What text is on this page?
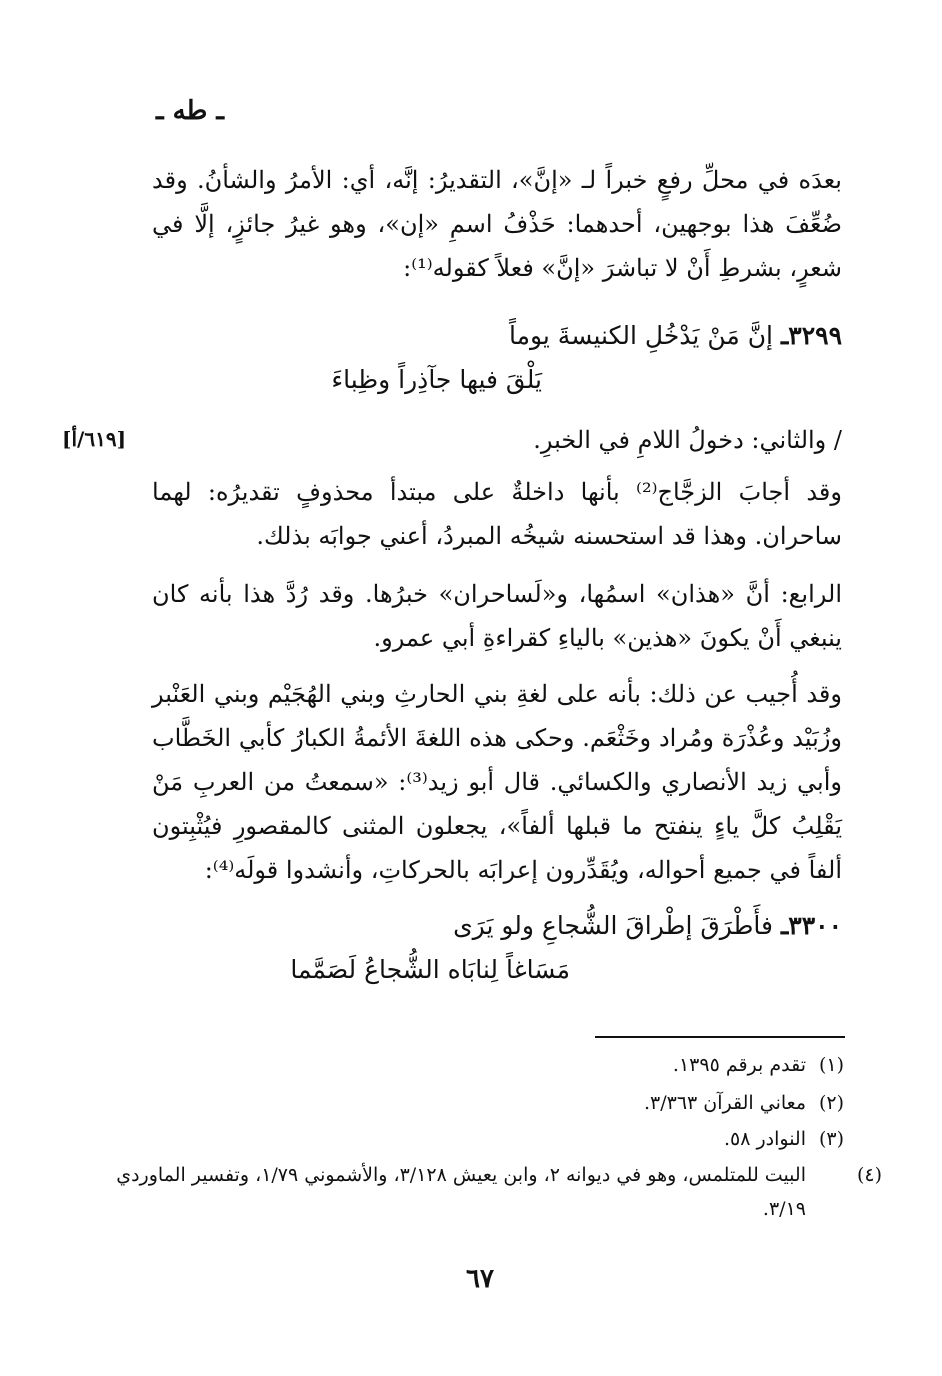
ـ طه ـ

بعدَه في محلِّ رفعٍ خبراً لـ «إنَّ»، التقديرُ: إنَّه، أي: الأمرُ والشأنُ. وقد ضُعِّفَ هذا بوجهين، أحدهما: حَذْفُ اسمِ «إن»، وهو غيرُ جائزٍ، إلَّا في شعرٍ، بشرطِ أَنْ لا تباشرَ «إنَّ» فعلاً كقوله⁽¹⁾:

٣٢٩٩ـ إنَّ مَنْ يَدْخُلِ الكنيسةَ يوماً
يَلْقَ فيها جآذِراً وظِباءَ

/ والثاني: دخولُ اللامِ في الخبرِ.

[٦١٩/أ]

وقد أجابَ الزجَّاج⁽²⁾ بأنها داخلةٌ على مبتدأ محذوفٍ تقديرُه: لهما ساحران. وهذا قد استحسنه شيخُه المبردُ، أعني جوابَه بذلك.

الرابع: أنَّ «هذان» اسمُها، و«لَساحران» خبرُها. وقد رُدَّ هذا بأنه كان ينبغي أَنْ يكونَ «هذين» بالياءِ كقراءةِ أبي عمرو.

وقد أُجيب عن ذلك: بأنه على لغةِ بني الحارثِ وبني الهُجَيْم وبني العَنْبر وزُبَيْد وعُذْرَة ومُراد وخَثْعَم. وحكى هذه اللغةَ الأئمةُ الكبارُ كأبي الخَطَّاب وأبي زيد الأنصاري والكسائي. قال أبو زيد⁽³⁾: «سمعتُ من العربِ مَنْ يَقْلِبُ كلَّ ياءٍ ينفتح ما قبلها ألفاً»، يجعلون المثنى كالمقصورِ فيُثْبِتون ألفاً في جميع أحواله، ويُقَدِّرون إعرابَه بالحركاتِ، وأنشدوا قولَه⁽⁴⁾:

٣٣٠٠ـ فأَطْرَقَ إطْراقَ الشُّجاعِ ولو يَرَى
مَسَاغاً لِنابَاه الشُّجاعُ لَصَمَّما

(١)تقدم برقم ١٣٩٥.

(٢)معاني القرآن ٣/٣٦٣.

(٣)النوادر ٥٨.

(٤)البيت للمتلمس، وهو في ديوانه ٢، وابن يعيش ٣/١٢٨، والأشموني ١/٧٩، وتفسير الماوردي ٣/١٩.

٦٧
